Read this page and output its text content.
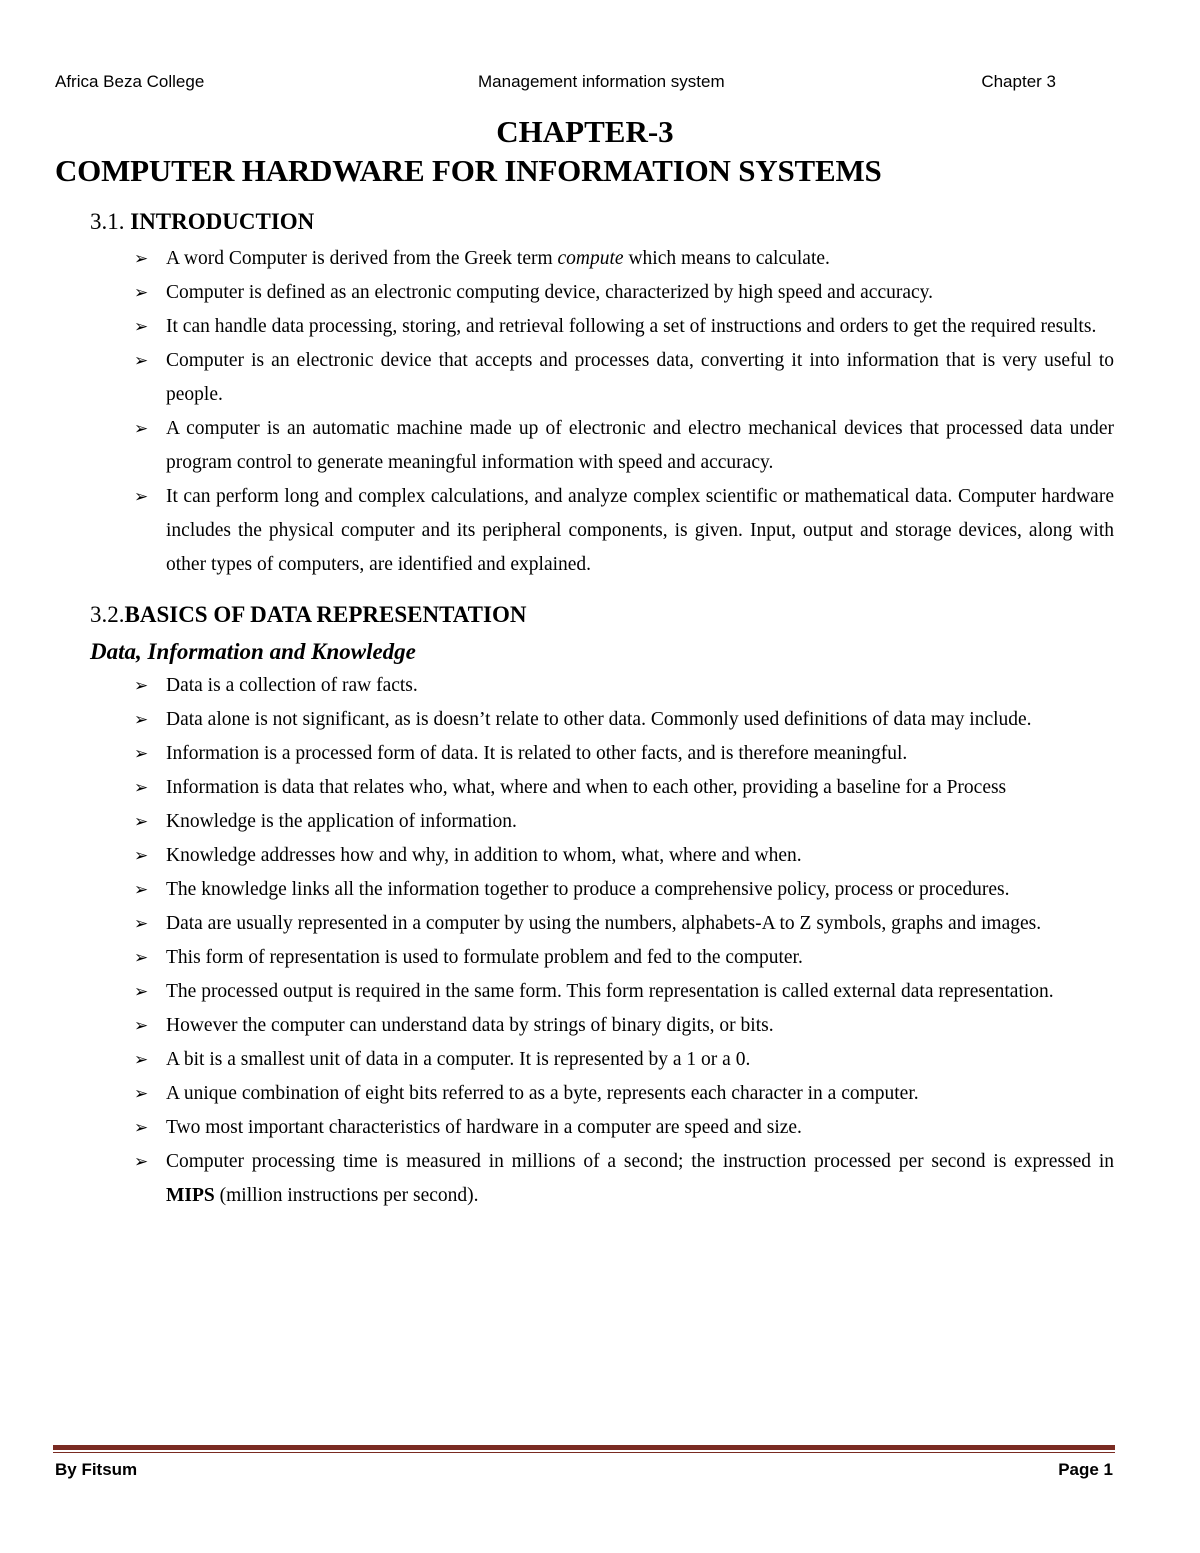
Africa Beza College	Management information system	Chapter 3
CHAPTER-3
COMPUTER HARDWARE FOR INFORMATION SYSTEMS
3.1. INTRODUCTION
➢ A word Computer is derived from the Greek term compute which means to calculate.
➢ Computer is defined as an electronic computing device, characterized by high speed and accuracy.
➢ It can handle data processing, storing, and retrieval following a set of instructions and orders to get the required results.
➢ Computer is an electronic device that accepts and processes data, converting it into information that is very useful to people.
➢ A computer is an automatic machine made up of electronic and electro mechanical devices that processed data under program control to generate meaningful information with speed and accuracy.
➢ It can perform long and complex calculations, and analyze complex scientific or mathematical data. Computer hardware includes the physical computer and its peripheral components, is given. Input, output and storage devices, along with other types of computers, are identified and explained.
3.2.BASICS OF DATA REPRESENTATION
Data, Information and Knowledge
➢ Data is a collection of raw facts.
➢ Data alone is not significant, as is doesn’t relate to other data. Commonly used definitions of data may include.
➢ Information is a processed form of data. It is related to other facts, and is therefore meaningful.
➢ Information is data that relates who, what, where and when to each other, providing a baseline for a Process
➢ Knowledge is the application of information.
➢ Knowledge addresses how and why, in addition to whom, what, where and when.
➢ The knowledge links all the information together to produce a comprehensive policy, process or procedures.
➢ Data are usually represented in a computer by using the numbers, alphabets-A to Z symbols, graphs and images.
➢ This form of representation is used to formulate problem and fed to the computer.
➢ The processed output is required in the same form. This form representation is called external data representation.
➢ However the computer can understand data by strings of binary digits, or bits.
➢ A bit is a smallest unit of data in a computer. It is represented by a 1 or a 0.
➢ A unique combination of eight bits referred to as a byte, represents each character in a computer.
➢ Two most important characteristics of hardware in a computer are speed and size.
➢ Computer processing time is measured in millions of a second; the instruction processed per second is expressed in MIPS (million instructions per second).
By Fitsum	Page 1
